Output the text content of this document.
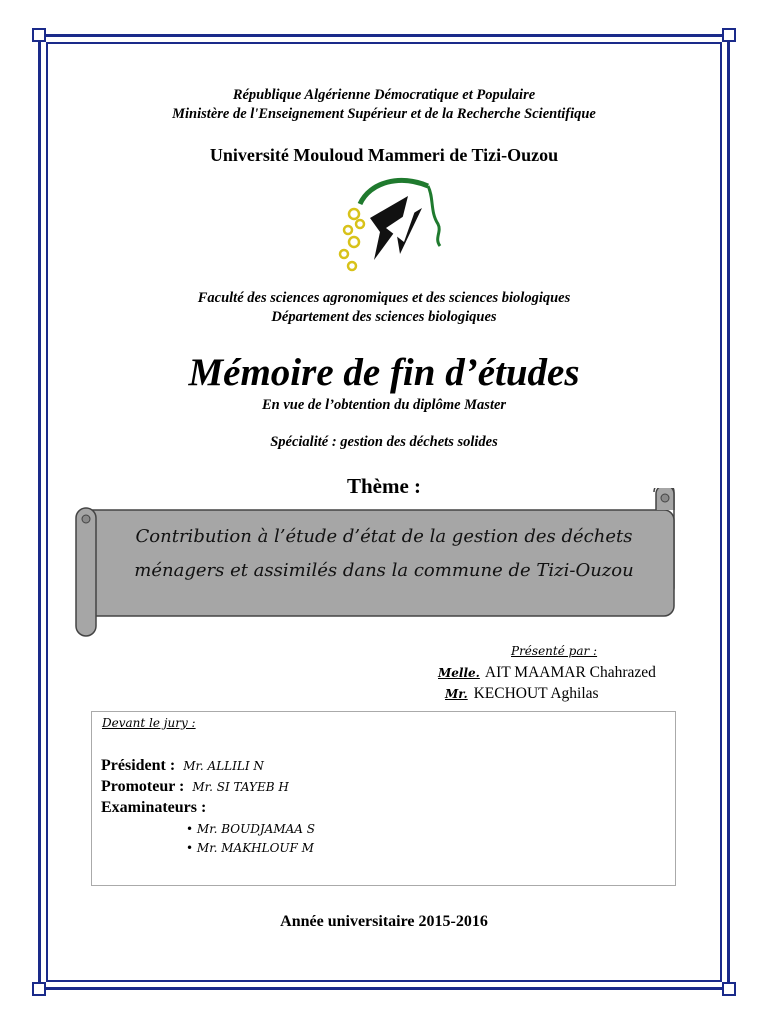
République Algérienne Démocratique et Populaire
Ministère de l'Enseignement Supérieur et de la Recherche Scientifique
Université Mouloud Mammeri de Tizi-Ouzou
Faculté des sciences agronomiques et des sciences biologiques
Département des sciences biologiques
Mémoire de fin d’études
En vue de l’obtention du diplôme Master
Spécialité : gestion des déchets solides
Thème :
Contribution à l’étude d’état de la gestion des déchets
ménagers et assimilés dans la commune de Tizi-Ouzou
Présenté par :
Melle. AIT MAAMAR Chahrazed
Mr. KECHOUT Aghilas
Devant le jury :
Président : Mr. ALLILI N
Promoteur : Mr. SI TAYEB H
Examinateurs :
• Mr. BOUDJAMAA S
• Mr. MAKHLOUF M
Année universitaire 2015-2016
